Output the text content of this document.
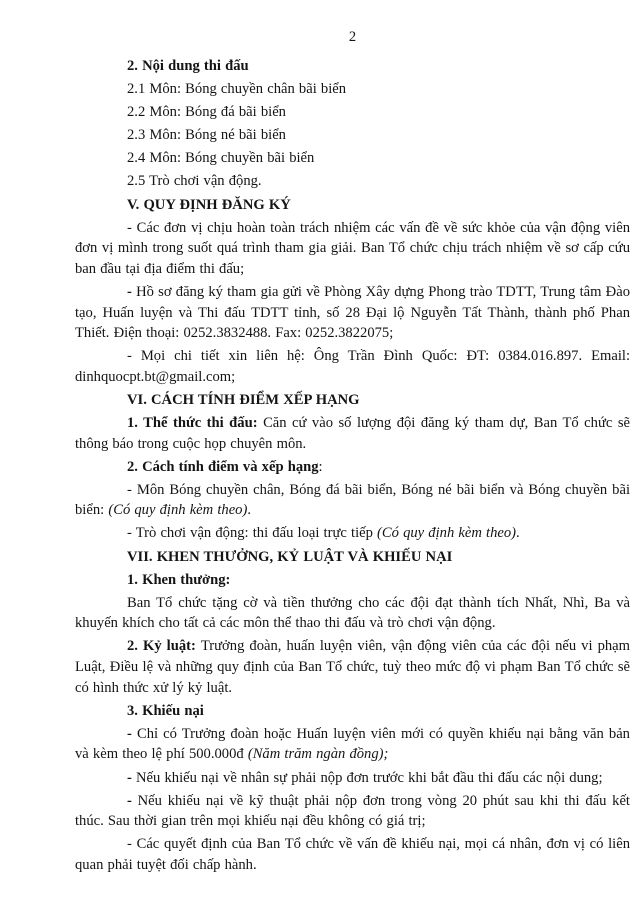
2

2. Nội dung thi đấu

2.1 Môn: Bóng chuyền chân bãi biển

2.2 Môn: Bóng đá bãi biển

2.3 Môn: Bóng né bãi biển

2.4 Môn: Bóng chuyền bãi biển

2.5 Trò chơi vận động.

V. QUY ĐỊNH ĐĂNG KÝ

- Các đơn vị chịu hoàn toàn trách nhiệm các vấn đề về sức khỏe của vận động viên đơn vị mình trong suốt quá trình tham gia giải. Ban Tổ chức chịu trách nhiệm về sơ cấp cứu ban đầu tại địa điểm thi đấu;

- Hồ sơ đăng ký tham gia gửi về Phòng Xây dựng Phong trào TDTT, Trung tâm Đào tạo, Huấn luyện và Thi đấu TDTT tỉnh, số 28 Đại lộ Nguyễn Tất Thành, thành phố Phan Thiết. Điện thoại: 0252.3832488. Fax: 0252.3822075;

- Mọi chi tiết xin liên hệ: Ông Trần Đình Quốc: ĐT: 0384.016.897. Email: dinhquocpt.bt@gmail.com;

VI. CÁCH TÍNH ĐIỂM XẾP HẠNG

1. Thể thức thi đấu: Căn cứ vào số lượng đội đăng ký tham dự, Ban Tổ chức sẽ thông báo trong cuộc họp chuyên môn.

2. Cách tính điểm và xếp hạng:

- Môn Bóng chuyền chân, Bóng đá bãi biển, Bóng né bãi biển và Bóng chuyền bãi biển: (Có quy định kèm theo).

- Trò chơi vận động: thi đấu loại trực tiếp (Có quy định kèm theo).

VII. KHEN THƯỞNG, KỶ LUẬT VÀ KHIẾU NẠI

1. Khen thưởng:

Ban Tổ chức tặng cờ và tiền thưởng cho các đội đạt thành tích Nhất, Nhì, Ba và khuyến khích cho tất cả các môn thể thao thi đấu và trò chơi vận động.

2. Kỷ luật: Trưởng đoàn, huấn luyện viên, vận động viên của các đội nếu vi phạm Luật, Điều lệ và những quy định của Ban Tổ chức, tuỳ theo mức độ vi phạm Ban Tổ chức sẽ có hình thức xử lý kỷ luật.

3. Khiếu nại

- Chỉ có Trưởng đoàn hoặc Huấn luyện viên mới có quyền khiếu nại bằng văn bản và kèm theo lệ phí 500.000đ (Năm trăm ngàn đồng);

- Nếu khiếu nại về nhân sự phải nộp đơn trước khi bắt đầu thi đấu các nội dung;

- Nếu khiếu nại về kỹ thuật phải nộp đơn trong vòng 20 phút sau khi thi đấu kết thúc. Sau thời gian trên mọi khiếu nại đều không có giá trị;

- Các quyết định của Ban Tổ chức về vấn đề khiếu nại, mọi cá nhân, đơn vị có liên quan phải tuyệt đối chấp hành.
